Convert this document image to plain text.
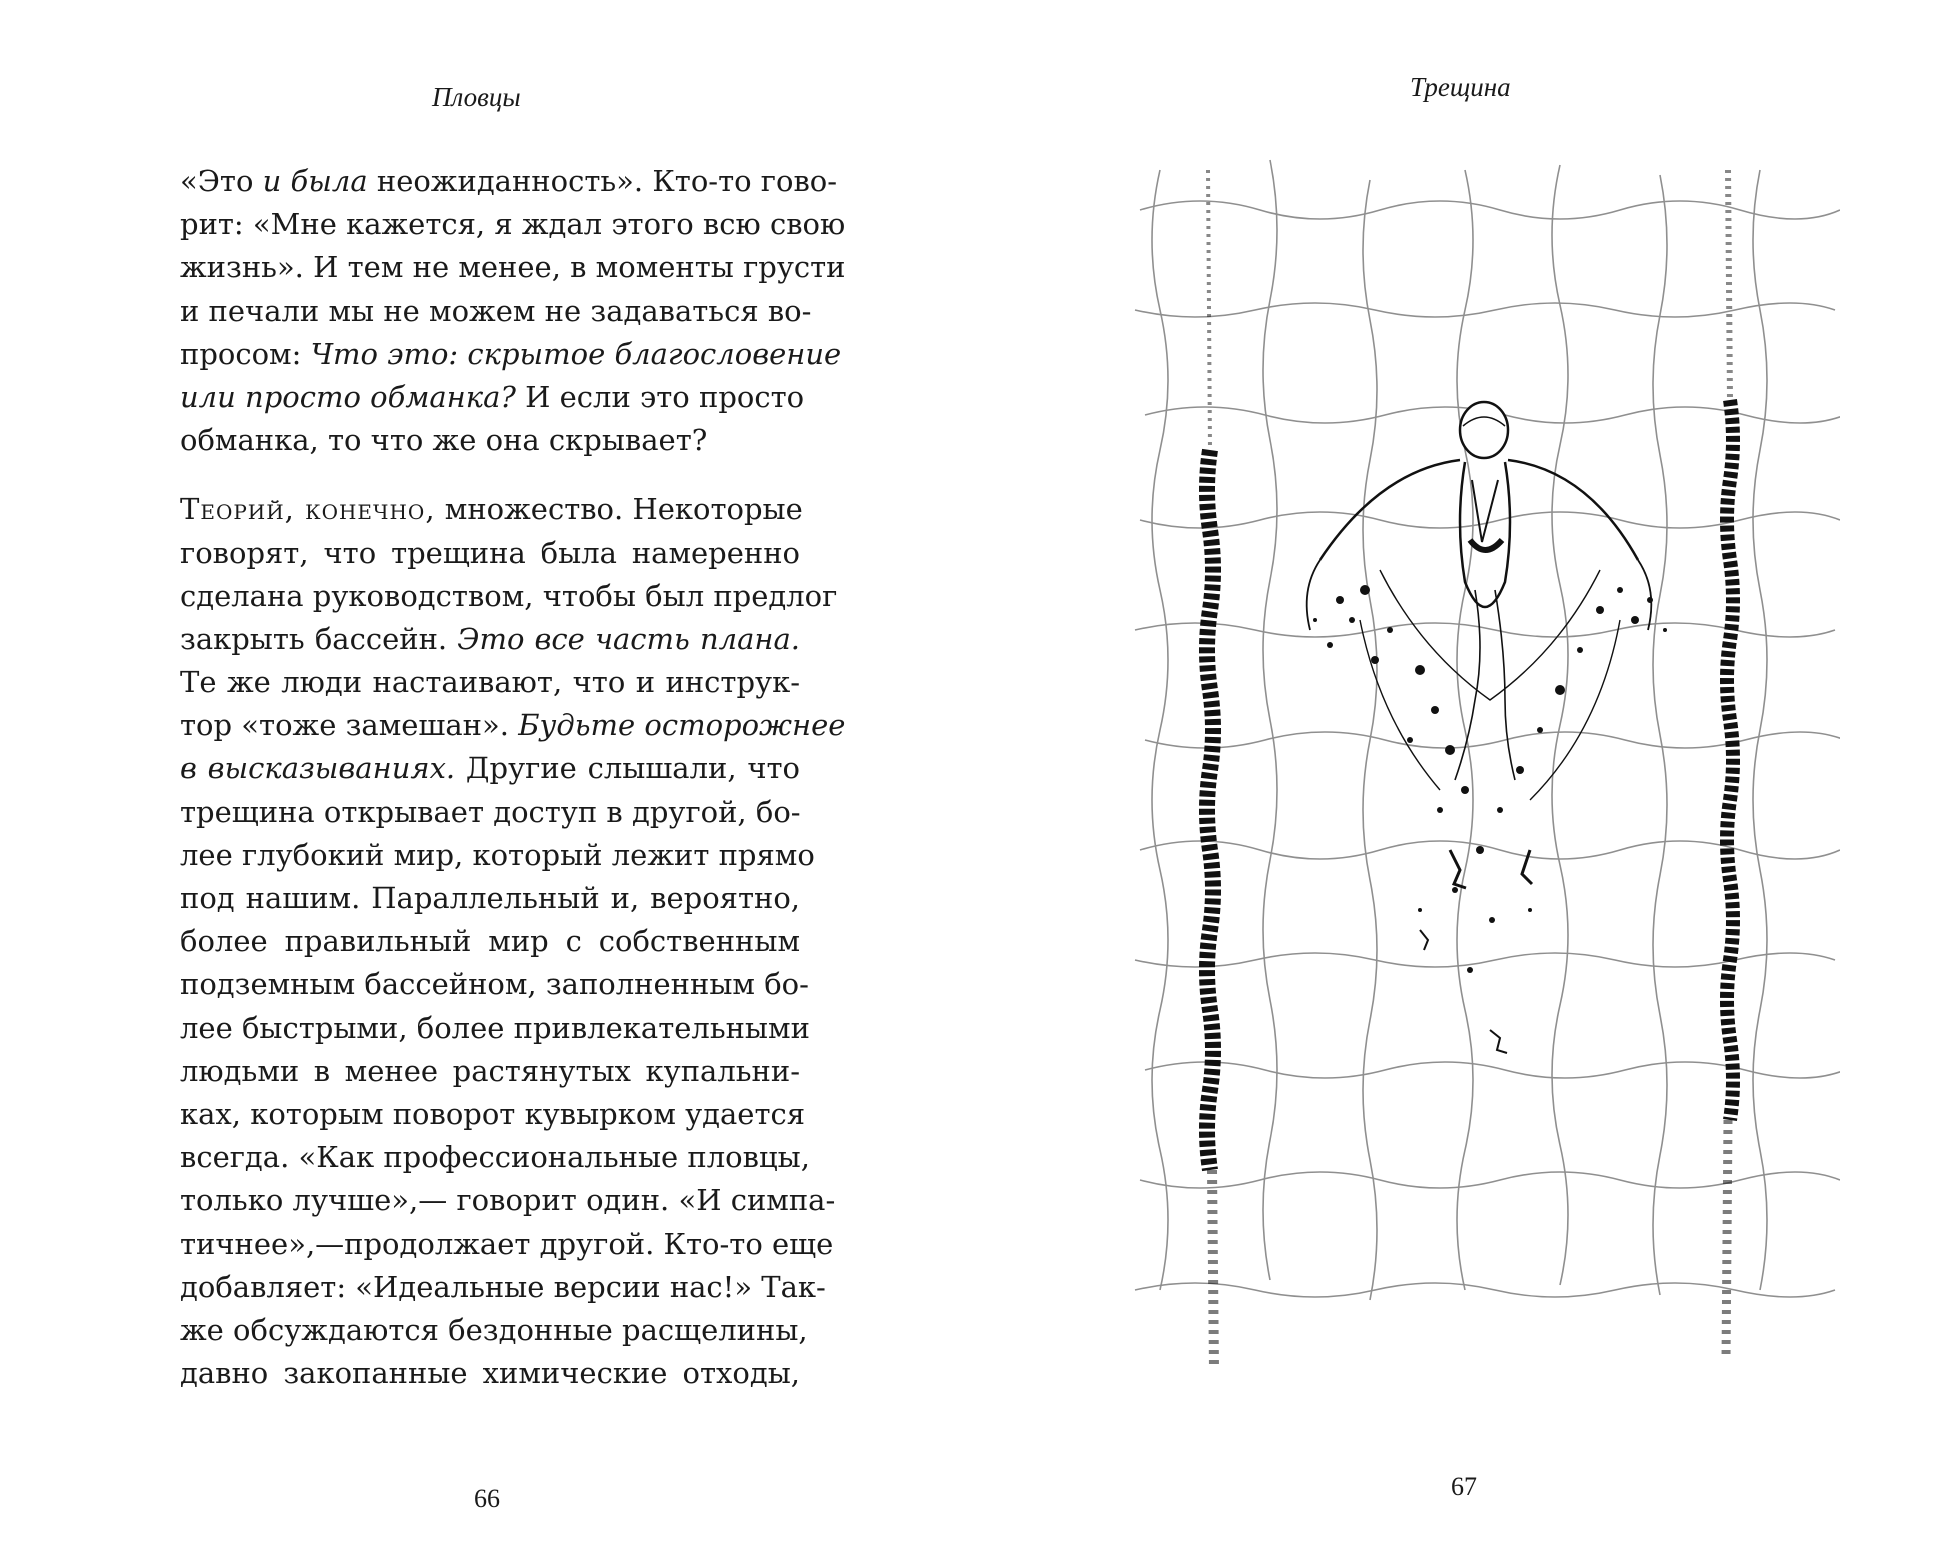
Пловцы
«Это и была неожиданность». Кто-то гово-
рит: «Мне кажется, я ждал этого всю свою
жизнь». И тем не менее, в моменты грусти
и печали мы не можем не задаваться во-
просом: Что это: скрытое благословение
или просто обманка? И если это просто
обманка, то что же она скрывает?
Теорий, конечно, множество. Некоторые
говорят, что трещина была намеренно
сделана руководством, чтобы был предлог
закрыть бассейн. Это все часть плана.
Те же люди настаивают, что и инструк-
тор «тоже замешан». Будьте осторожнее
в высказываниях. Другие слышали, что
трещина открывает доступ в другой, бо-
лее глубокий мир, который лежит прямо
под нашим. Параллельный и, вероятно,
более правильный мир с собственным
подземным бассейном, заполненным бо-
лее быстрыми, более привлекательными
людьми в менее растянутых купальни-
ках, которым поворот кувырком удается
всегда. «Как профессиональные пловцы,
только лучше»,— говорит один. «И симпа-
тичнее»,—продолжает другой. Кто-то еще
добавляет: «Идеальные версии нас!» Так-
же обсуждаются бездонные расщелины,
давно закопанные химические отходы,
66
Трещина
67
